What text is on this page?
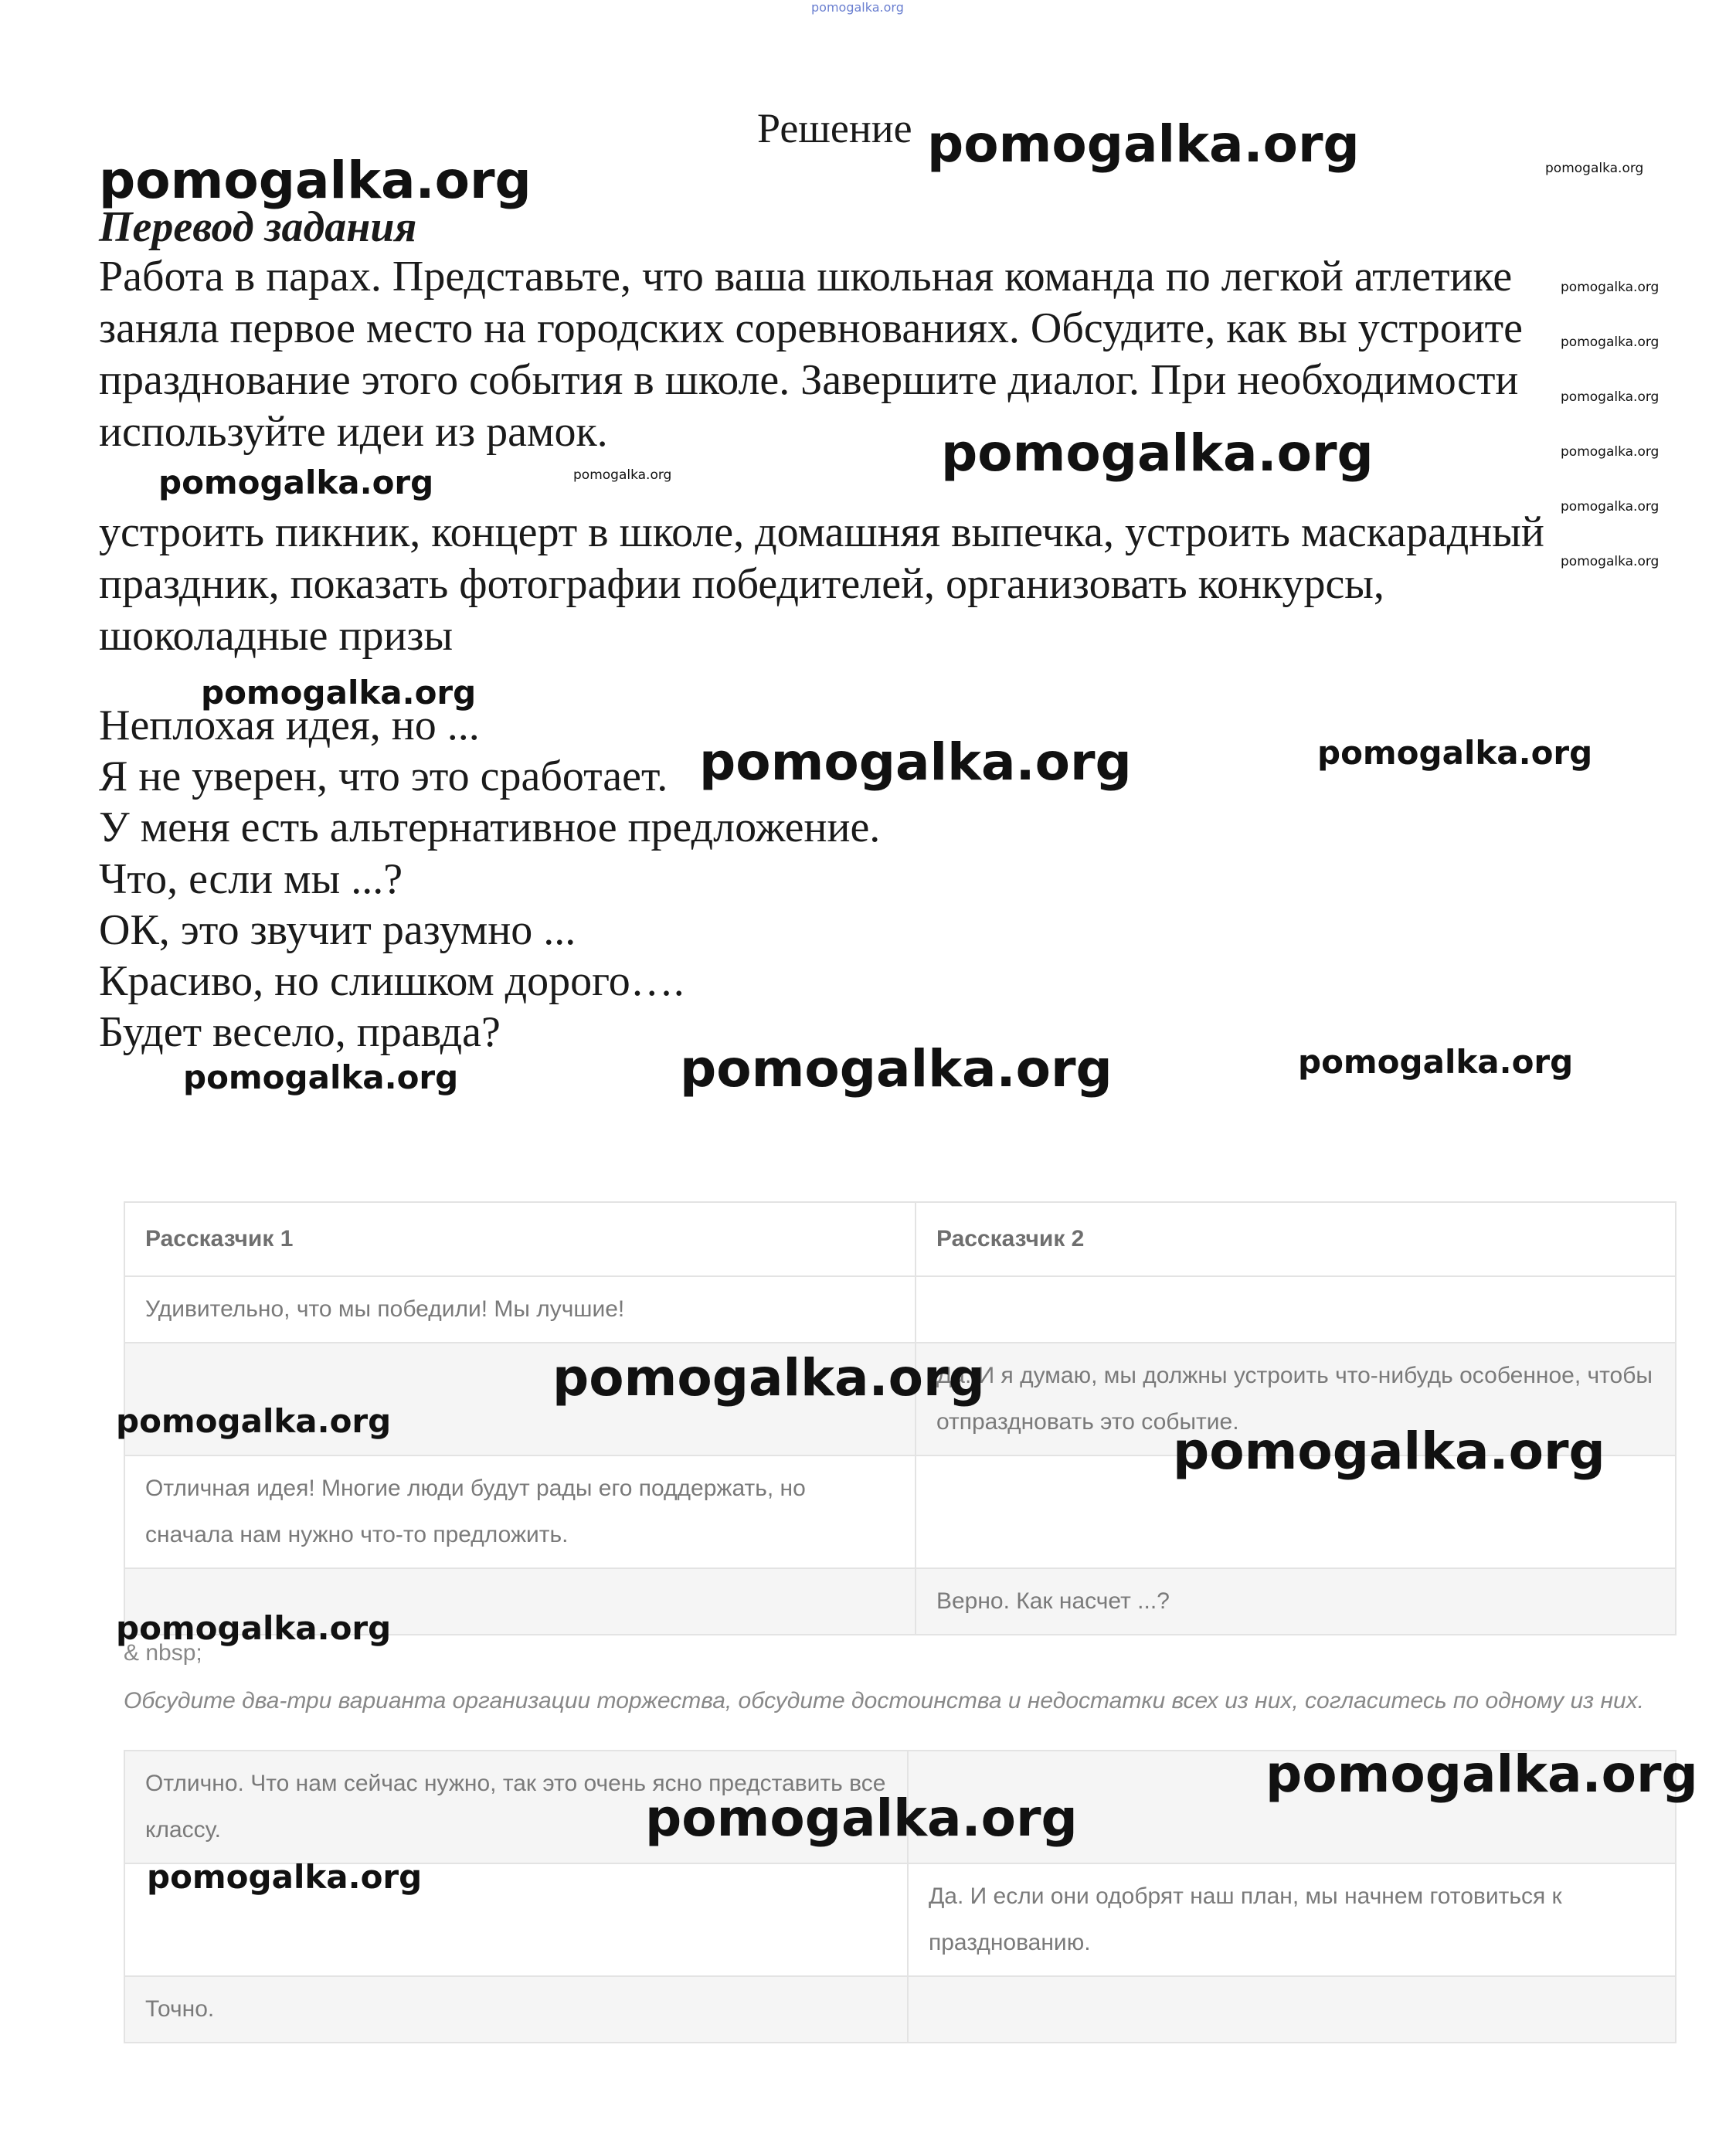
pomogalka.org
Решение pomogalka.org
pomogalka.org	pomogalka.org
Перевод задания
Работа в парах. Представьте, что ваша школьная команда по легкой атлетике заняла первое место на городских соревнованиях. Обсудите, как вы устроите празднование этого события в школе. Завершите диалог. При необходимости используйте идеи из рамок.
pomogalka.org
pomogalka.org
pomogalka.org
pomogalka.org
pomogalka.org
pomogalka.org
pomogalka.org
pomogalka.org	pomogalka.org
устроить пикник, концерт в школе, домашняя выпечка, устроить маскарадный праздник, показать фотографии победителей, организовать конкурсы, шоколадные призы
pomogalka.org
Неплохая идея, но ...
Я не уверен, что это сработает. pomogalka.org	pomogalka.org
У меня есть альтернативное предложение.
Что, если мы ...?
ОК, это звучит разумно ...
Красиво, но слишком дорого….
Будет весело, правда?
pomogalka.org	pomogalka.org	pomogalka.org
Рассказчик 1	Рассказчик 2
Удивительно, что мы победили! Мы лучшие!	
	Да. И я думаю, мы должны устроить что-нибудь особенное, чтобы отпраздновать это событие.
Отличная идея! Многие люди будут рады его поддержать, но сначала нам нужно что-то предложить.	
	Верно. Как насчет ...?
pomogalka.org
pomogalka.org
pomogalka.org
pomogalka.org
& nbsp;
Обсудите два-три варианта организации торжества, обсудите достоинства и недостатки всех из них, согласитесь по одному из них.
Отлично. Что нам сейчас нужно, так это очень ясно представить все классу.	
	Да. И если они одобрят наш план, мы начнем готовиться к празднованию.
Точно.	
pomogalka.org
pomogalka.org
pomogalka.org
